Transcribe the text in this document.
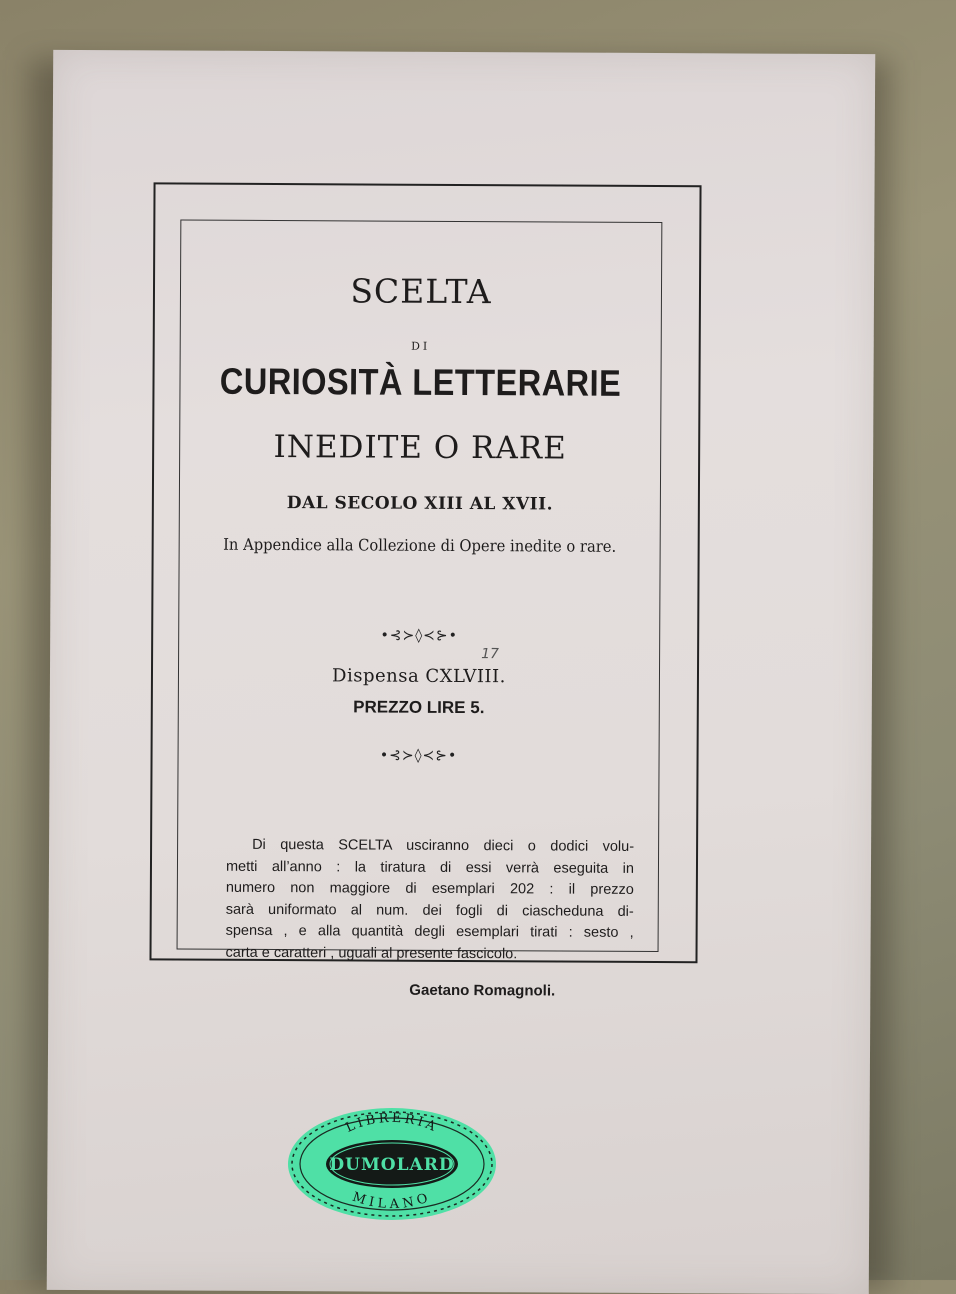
SCELTA
DI
CURIOSITÀ LETTERARIE
INEDITE O RARE
DAL SECOLO XIII AL XVII.
In Appendice alla Collezione di Opere inedite o rare.
•⊰≻◊≺⊱•
Dispensa CXLVIII.
17
PREZZO LIRE 5.
•⊰≻◊≺⊱•
Di questa SCELTA usciranno dieci o dodici volu-
metti all’anno : la tiratura di essi verrà eseguita in
numero non maggiore di esemplari 202 : il prezzo
sarà uniformato al num. dei fogli di ciascheduna di-
spensa , e alla quantità degli esemplari tirati : sesto ,
carta e caratteri , uguali al presente fascicolo.
Gaetano Romagnoli.
LIBRERIA
DUMOLARD
MILANO
